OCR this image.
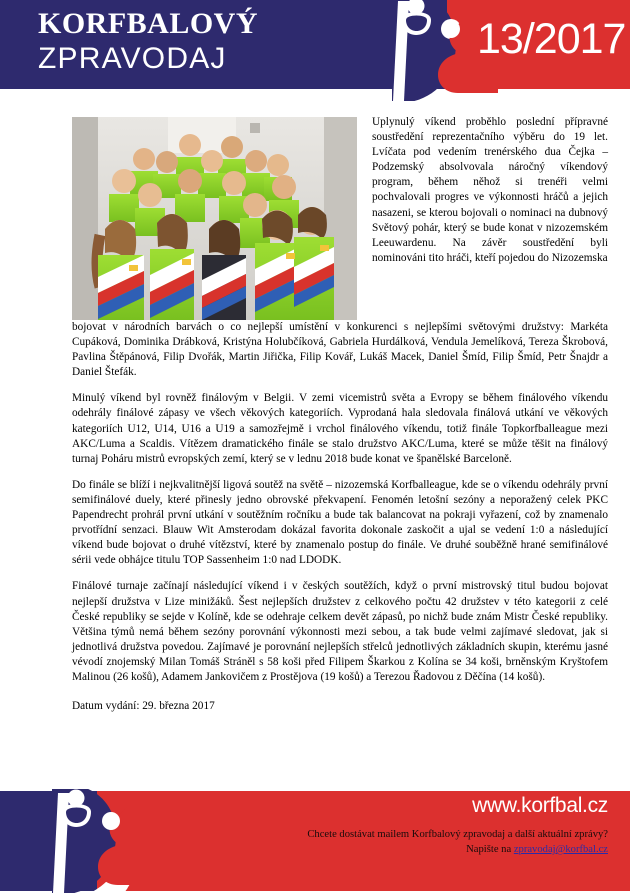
KORFBALOVÝ
ZPRAVODAJ	13/2017
Uplynulý víkend proběhlo poslední přípravné soustředění reprezentačního výběru do 19 let. Lvíčata pod vedením trenérského dua Čejka – Podzemský absolvovala náročný víkendový program, během něhož si trenéři velmi pochvalovali progres ve výkonnosti hráčů a jejich nasazeni, se kterou bojovali o nominaci na dubnový Světový pohár, který se bude konat v nizozemském Leeuwardenu. Na závěr soustředění byli nominováni tito hráči, kteří pojedou do Nizozemska

bojovat v národních barvách o co nejlepší umístění v konkurenci s nejlepšími světovými družstvy: Markéta Cupáková, Dominika Drábková, Kristýna Holubčíková, Gabriela Hurdálková, Vendula Jemelíková, Tereza Škrobová, Pavlina Štěpánová, Filip Dvořák, Martin Jiřička, Filip Kovář, Lukáš Macek, Daniel Šmíd, Filip Šmíd, Petr Šnajdr a Daniel Štefák.

Minulý víkend byl rovněž finálovým v Belgii. V zemi vicemistrů světa a Evropy se během finálového víkendu odehrály finálové zápasy ve všech věkových kategoriích. Vyprodaná hala sledovala finálová utkání ve věkových kategoriích U12, U14, U16 a U19 a samozřejmě i vrchol finálového víkendu, totiž finále Topkorfballeague mezi AKC/Luma a Scaldis. Vítězem dramatického finále se stalo družstvo AKC/Luma, které se může těšit na finálový turnaj Poháru mistrů evropských zemí, který se v lednu 2018 bude konat ve španělské Barceloně.

Do finále se blíží i nejkvalitnější ligová soutěž na světě – nizozemská Korfballeague, kde se o víkendu odehrály první semifinálové duely, které přinesly jedno obrovské překvapení. Fenomén letošní sezóny a neporažený celek PKC Papendrecht prohrál první utkání v soutěžním ročníku a bude tak balancovat na pokraji vyřazení, což by znamenalo prvotřídní senzaci. Blauw Wit Amsterodam dokázal favorita dokonale zaskočit a ujal se vedení 1:0 a následující víkend bude bojovat o druhé vítězství, které by znamenalo postup do finále. Ve druhé souběžně hrané semifinálové sérii vede obhájce titulu TOP Sassenheim 1:0 nad LDODK.

Finálové turnaje začínají následující víkend i v českých soutěžích, když o první mistrovský titul budou bojovat nejlepší družstva v Lize minižáků. Šest nejlepších družstev z celkového počtu 42 družstev v této kategorii z celé České republiky se sejde v Kolíně, kde se odehraje celkem devět zápasů, po nichž bude znám Mistr České republiky. Většina týmů nemá během sezóny porovnání výkonnosti mezi sebou, a tak bude velmi zajímavé sledovat, jak si jednotlivá družstva povedou. Zajímavé je porovnání nejlepších střelců jednotlivých základních skupin, kterému jasné vévodí znojemský Milan Tomáš Stráněl s 58 koši před Filipem Škarkou z Kolína se 34 koši, brněnským Kryštofem Malinou (26 košů), Adamem Jankovičem z Prostějova (19 košů) a Terezou Řadovou z Děčína (14 košů).

Datum vydání: 29. března 2017

www.korfbal.cz
Chcete dostávat mailem Korfbalový zpravodaj a další aktuální zprávy?
Napište na zpravodaj@korfbal.cz
